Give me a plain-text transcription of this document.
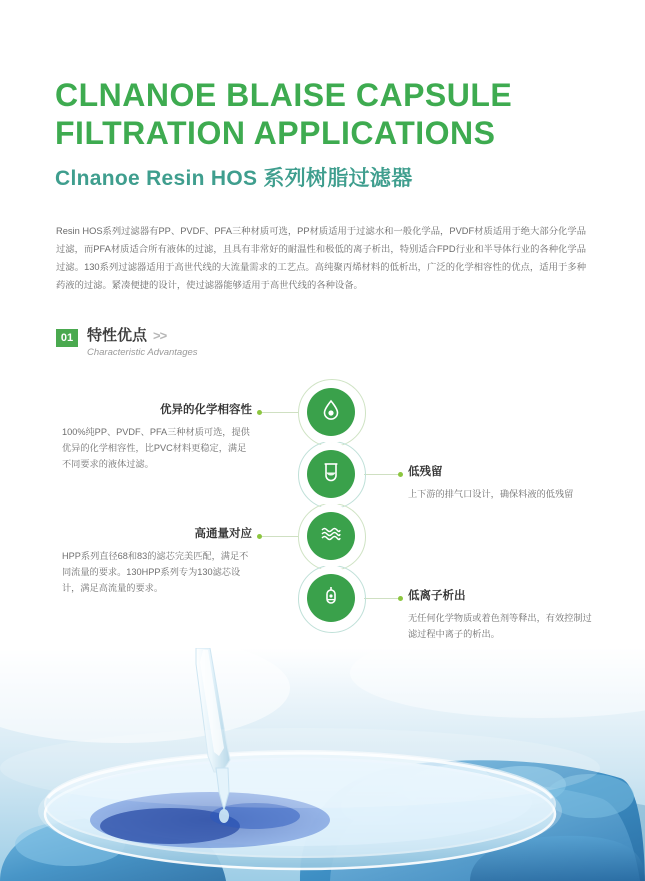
CLNANOE BLAISE CAPSULE
FILTRATION APPLICATIONS
Clnanoe Resin HOS 系列树脂过滤器
Resin HOS系列过滤器有PP、PVDF、PFA三种材质可选，PP材质适用于过滤水和一般化学品，PVDF材质适用于绝大部分化学品过滤，而PFA材质适合所有液体的过滤，且具有非常好的耐温性和极低的离子析出，特别适合FPD行业和半导体行业的各种化学品过滤。130系列过滤器适用于高世代线的大流量需求的工艺点。高纯聚丙烯材料的低析出，广泛的化学相容性的优点，适用于多种药液的过滤。紧凑便捷的设计，使过滤器能够适用于高世代线的各种设备。
01 特性优点 >>
Characteristic Advantages
优异的化学相容性
100%纯PP、PVDF、PFA三种材质可选，提供优异的化学相容性，比PVC材料更稳定，满足不同要求的液体过滤。
低残留
上下游的排气口设计，确保料液的低残留
高通量对应
HPP系列直径68和83的滤芯完美匹配，满足不同流量的要求。130HPP系列专为130滤芯设计，满足高流量的要求。
低离子析出
无任何化学物质或着色剂等释出，有效控制过滤过程中离子的析出。
